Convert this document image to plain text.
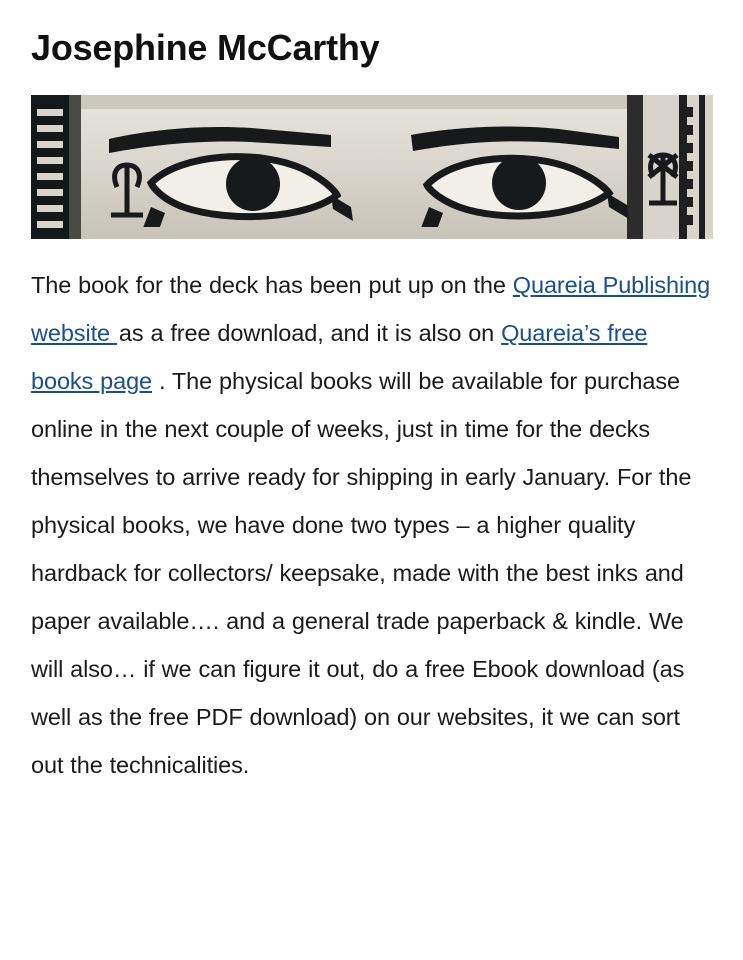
Josephine McCarthy
The book for the deck has been put up on the Quareia Publishing website as a free download, and it is also on Quareia’s free books page . The physical books will be available for purchase online in the next couple of weeks, just in time for the decks themselves to arrive ready for shipping in early January. For the physical books, we have done two types – a higher quality hardback for collectors/ keepsake, made with the best inks and paper available…. and a general trade paperback & kindle. We will also… if we can figure it out, do a free Ebook download (as well as the free PDF download) on our websites, it we can sort out the technicalities.
